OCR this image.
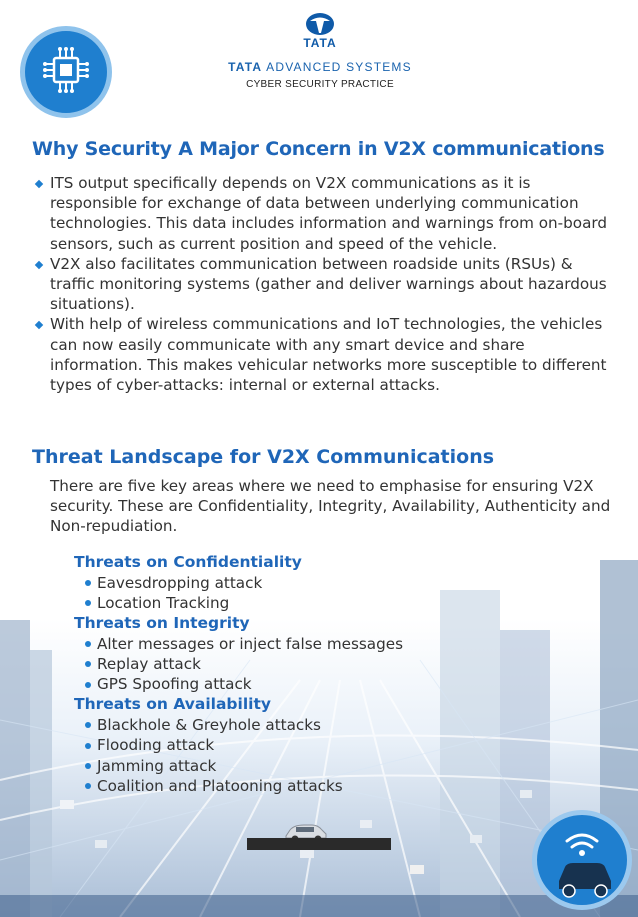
TATA
TATA ADVANCED SYSTEMS
CYBER SECURITY PRACTICE
Why Security A Major Concern in V2X communications
ITS output specifically depends on V2X communications as it is responsible for exchange of data between underlying communication technologies. This data includes information and warnings from on-board sensors, such as current position and speed of the vehicle.
V2X also facilitates communication between roadside units (RSUs) & traffic monitoring systems (gather and deliver warnings about hazardous situations).
With help of wireless communications and IoT technologies, the vehicles can now easily communicate with any smart device and share information. This makes vehicular networks more susceptible to different types of cyber-attacks: internal or external attacks.
Threat Landscape for V2X Communications

There are five key areas where we need to emphasise for ensuring V2X security. These are Confidentiality, Integrity, Availability, Authenticity and Non-repudiation.

Threats on Confidentiality
Eavesdropping attack
Location Tracking
Threats on Integrity
Alter messages or inject false messages
Replay attack
GPS Spoofing attack
Threats on Availability
Blackhole & Greyhole attacks
Flooding attack
Jamming attack
Coalition and Platooning attacks
